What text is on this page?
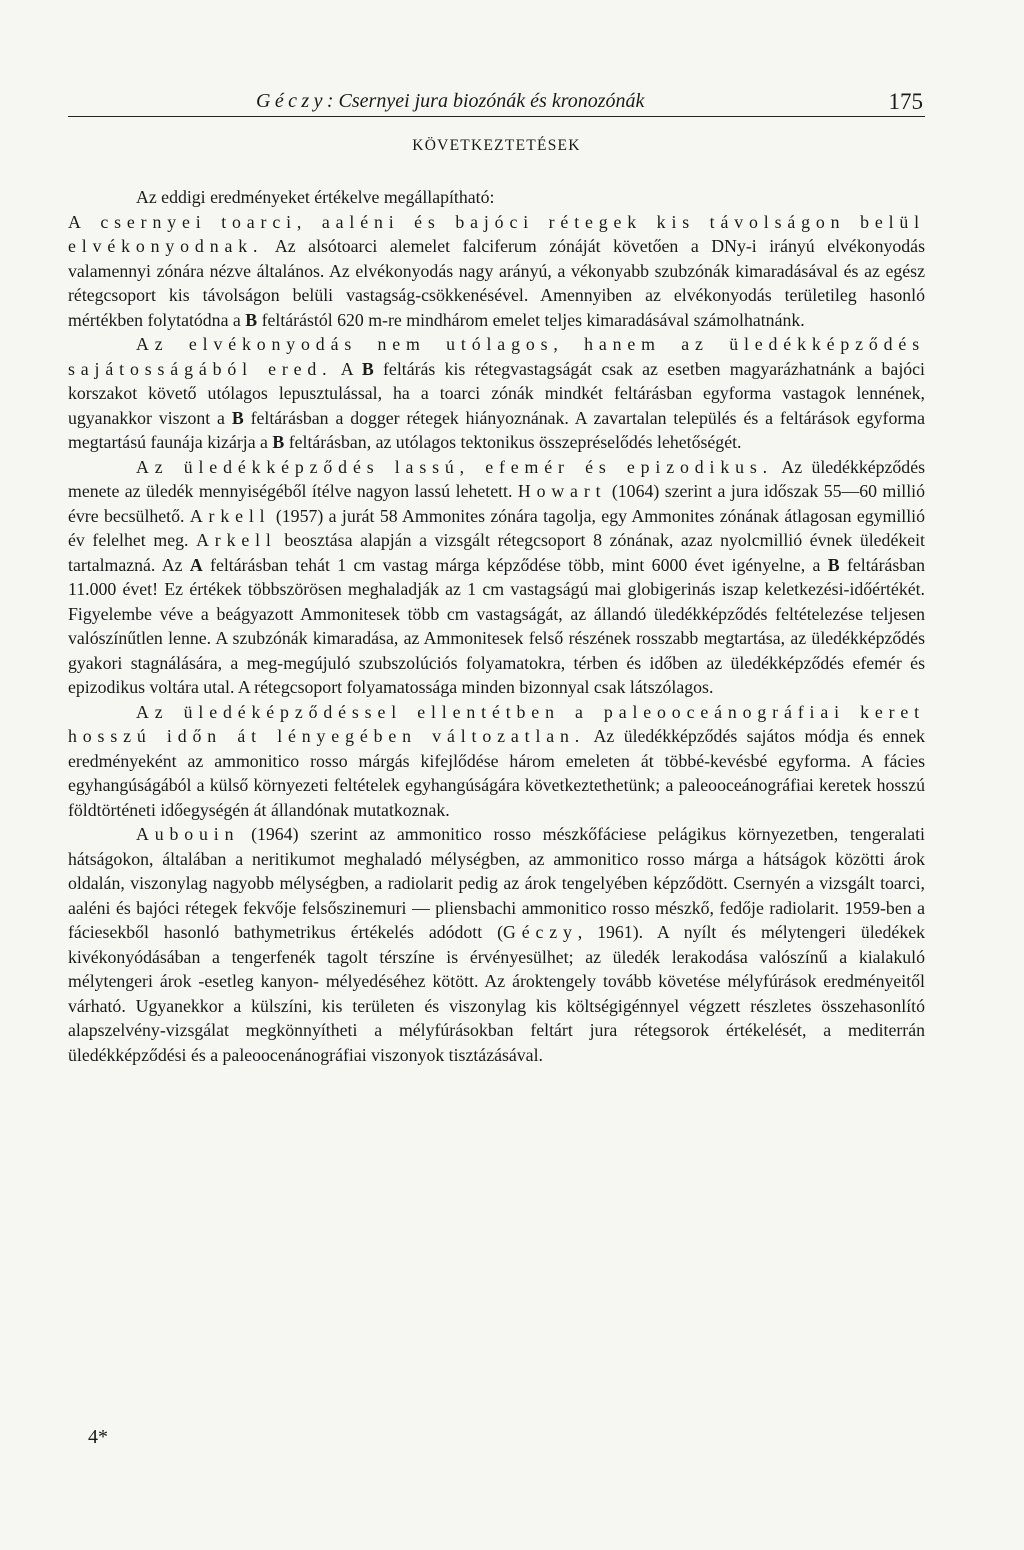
Géczy: Csernyei jura biozónák és kronozónák	175
KÖVETKEZTETÉSEK

Az eddigi eredményeket értékelve megállapítható:

A csernyei toarci, aaléni és bajóci rétegek kis távolságon belül elvékonyodnak. Az alsótoarci alemelet falciferum zónáját követően a DNy-i irányú elvékonyodás valamennyi zónára nézve általános. Az elvékonyodás nagy arányú, a vékonyabb szubzónák kimaradásával és az egész rétegcsoport kis távolságon belüli vastagság-csökkenésével. Amennyiben az elvékonyodás területileg hasonló mértékben folytatódna a B feltárástól 620 m-re mindhárom emelet teljes kimaradásával számolhatnánk.

Az elvékonyodás nem utólagos, hanem az üledékképződés sajátosságából ered. A B feltárás kis rétegvastagságát csak az esetben magyarázhatnánk a bajóci korszakot követő utólagos lepusztulással, ha a toarci zónák mindkét feltárásban egyforma vastagok lennének, ugyanakkor viszont a B feltárásban a dogger rétegek hiányoznának. A zavartalan település és a feltárások egyforma megtartású faunája kizárja a B feltárásban, az utólagos tektonikus összepréselődés lehetőségét.

Az üledékképződés lassú, efemér és epizodikus. Az üledékképződés menete az üledék mennyiségéből ítélve nagyon lassú lehetett. Howart (1064) szerint a jura időszak 55—60 millió évre becsülhető. Arkell (1957) a jurát 58 Ammonites zónára tagolja, egy Ammonites zónának átlagosan egymillió év felelhet meg. Arkell beosztása alapján a vizsgált rétegcsoport 8 zónának, azaz nyolcmillió évnek üledékeit tartalmazná. Az A feltárásban tehát 1 cm vastag márga képződése több, mint 6000 évet igényelne, a B feltárásban 11.000 évet! Ez értékek többszörösen meghaladják az 1 cm vastagságú mai globigerinás iszap keletkezési-időértékét. Figyelembe véve a beágyazott Ammonitesek több cm vastagságát, az állandó üledékképződés feltételezése teljesen valószínűtlen lenne. A szubzónák kimaradása, az Ammonitesek felső részének rosszabb megtartása, az üledékképződés gyakori stagnálására, a meg-megújuló szubszolúciós folyamatokra, térben és időben az üledékképződés efemér és epizodikus voltára utal. A rétegcsoport folyamatossága minden bizonnyal csak látszólagos.

Az üledéképződéssel ellentétben a paleooceánográfiai keret hosszú időn át lényegében változatlan. Az üledékképződés sajátos módja és ennek eredményeként az ammonitico rosso márgás kifejlődése három emeleten át többé-kevésbé egyforma. A fácies egyhangúságából a külső környezeti feltételek egyhangúságára következtethetünk; a paleooceánográfiai keretek hosszú földtörténeti időegységén át állandónak mutatkoznak.

Aubouin (1964) szerint az ammonitico rosso mészkőfáciese pelágikus környezetben, tengeralati hátságokon, általában a neritikumot meghaladó mélységben, az ammonitico rosso márga a hátságok közötti árok oldalán, viszonylag nagyobb mélységben, a radiolarit pedig az árok tengelyében képződött. Csernyén a vizsgált toarci, aaléni és bajóci rétegek fekvője felsőszinemuri — pliensbachi ammonitico rosso mészkő, fedője radiolarit. 1959-ben a fáciesekből hasonló bathymetrikus értékelés adódott (Géczy, 1961). A nyílt és mélytengeri üledékek kivékonyódásában a tengerfenék tagolt térszíne is érvényesülhet; az üledék lerakodása valószínű a kialakuló mélytengeri árok -esetleg kanyon- mélyedéséhez kötött. Az ároktengely tovább követése mélyfúrások eredményeitől várható. Ugyanekkor a külszíni, kis területen és viszonylag kis költségigénnyel végzett részletes összehasonlító alapszelvény-vizsgálat megkönnyítheti a mélyfúrásokban feltárt jura rétegsorok értékelését, a mediterrán üledékképződési és a paleoocenánográfiai viszonyok tisztázásával.

4*
